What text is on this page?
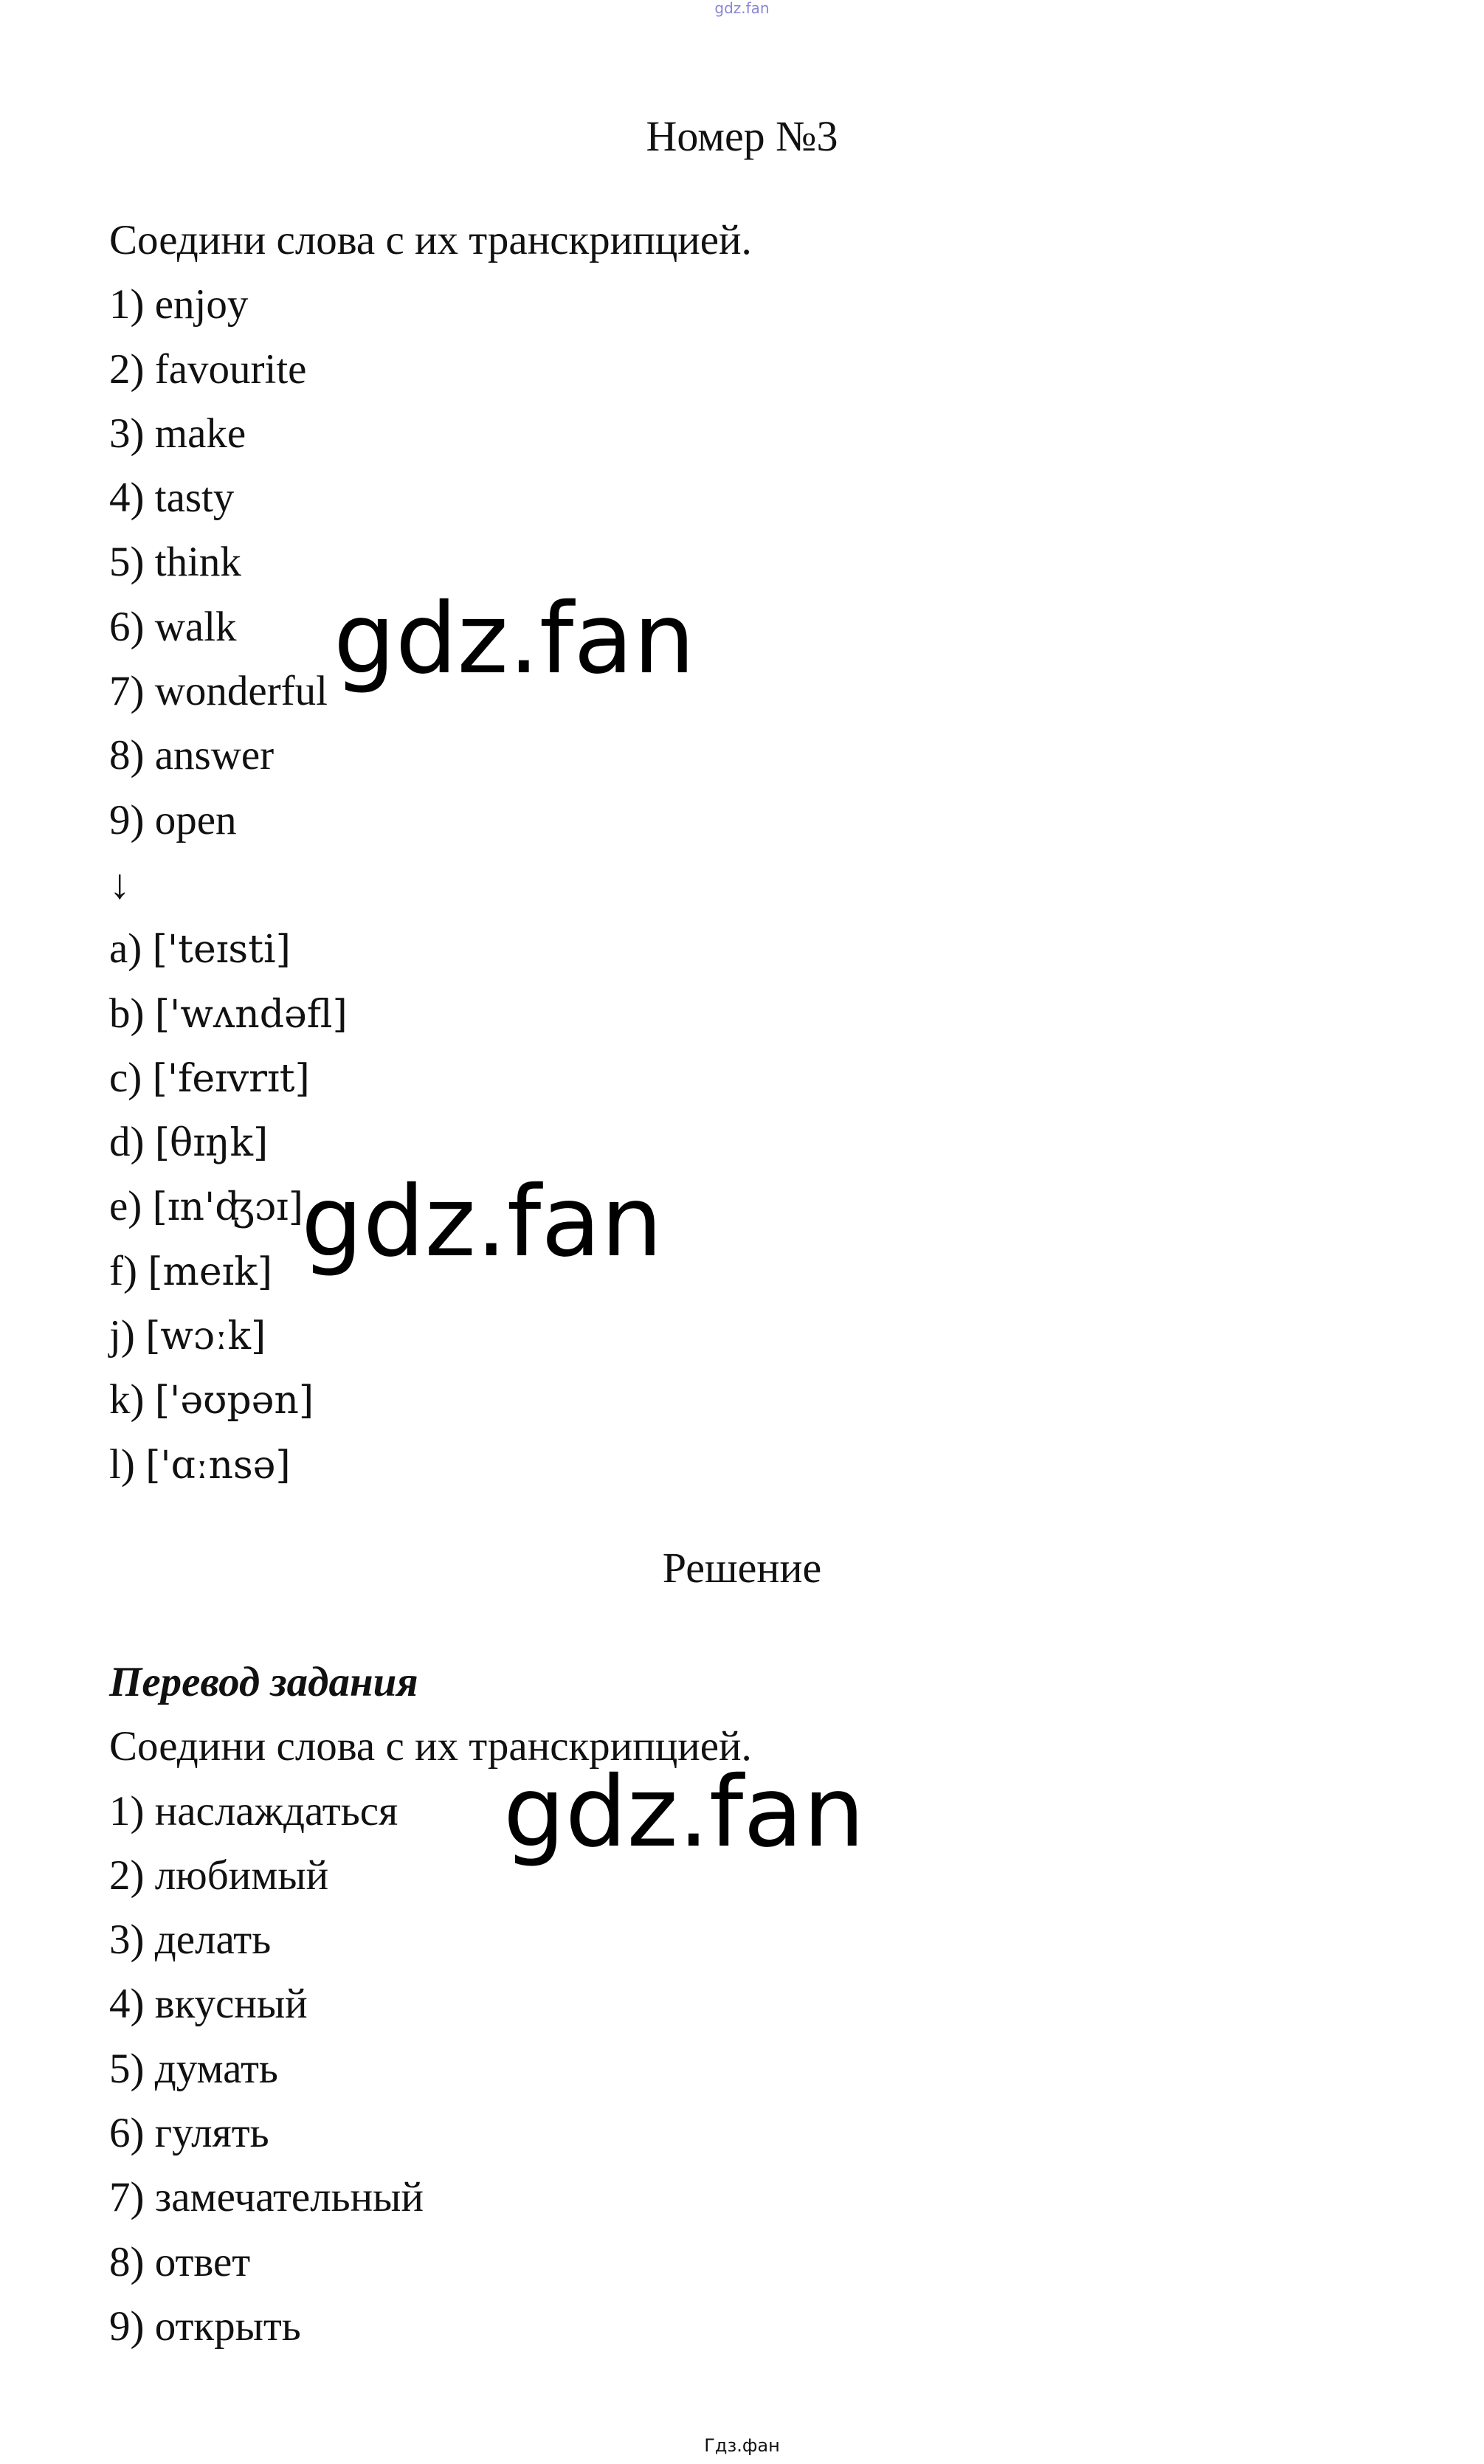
gdz.fan
Номер №3
Соедини слова с их транскрипцией.
1) enjoy
2) favourite
3) make
4) tasty
5) think
6) walk
7) wonderful
8) answer
9) open
↓
a) ['teɪsti]
b) ['wʌndəfl]
c) ['feɪvrɪt]
d) [θɪŋk]
e) [ɪn'ʤɔɪ]
f) [meɪk]
j) [wɔːk]
k) ['əʊpən]
l) ['ɑːnsə]
Решение
Перевод задания
Соедини слова с их транскрипцией.
1) наслаждаться
2) любимый
3) делать
4) вкусный
5) думать
6) гулять
7) замечательный
8) ответ
9) открыть
gdz.fan
gdz.fan
gdz.fan
Гдз.фан
